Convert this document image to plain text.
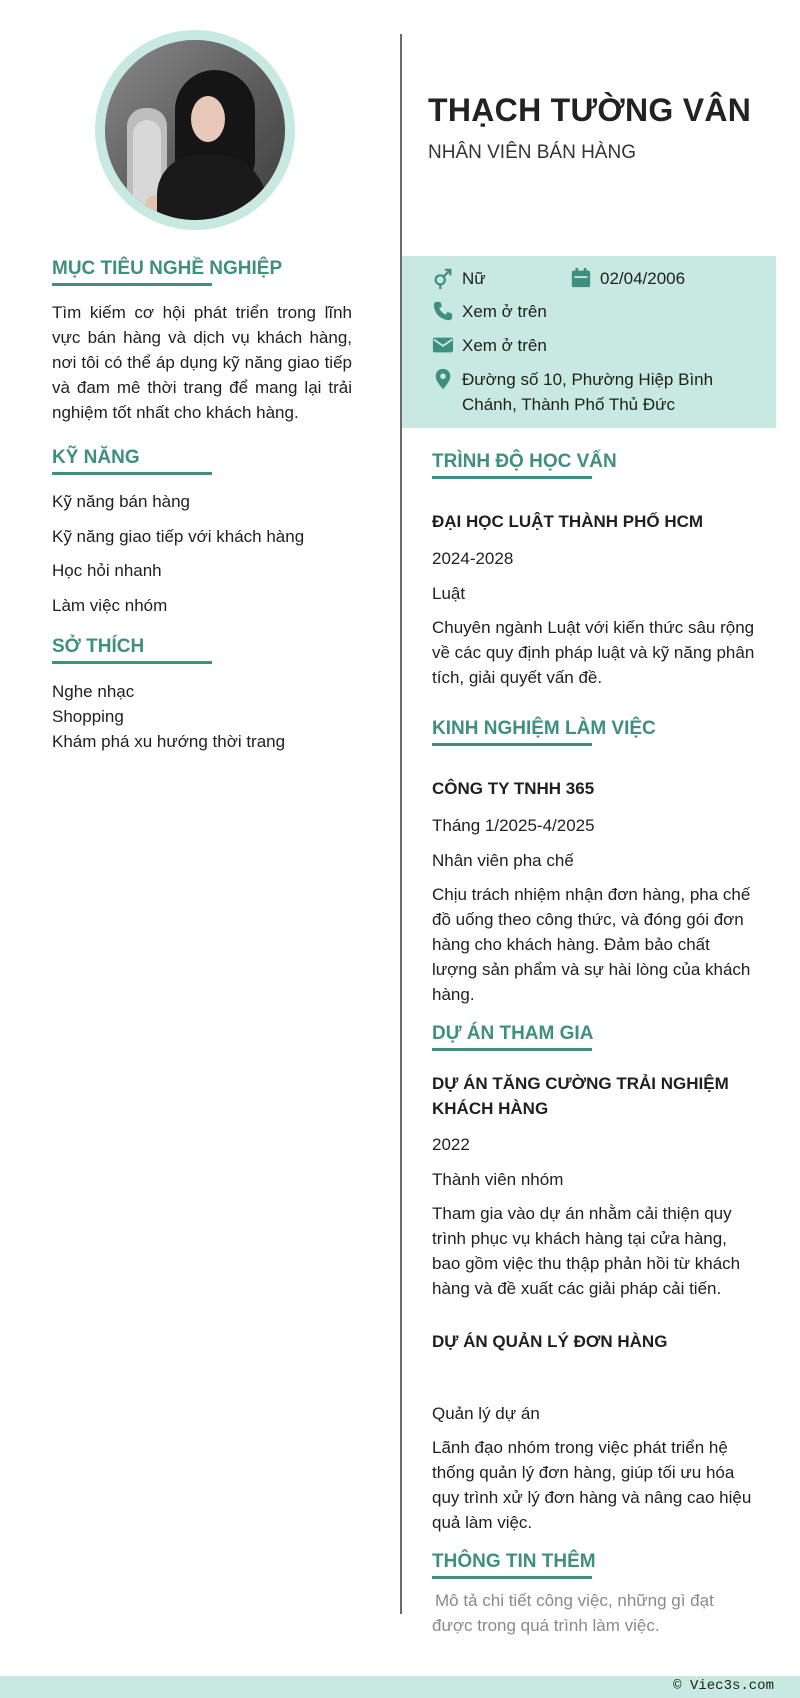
THẠCH TƯỜNG VÂN
NHÂN VIÊN BÁN HÀNG
Nữ	02/04/2006
Xem ở trên
Xem ở trên
Đường số 10, Phường Hiệp Bình
Chánh, Thành Phố Thủ Đức
MỤC TIÊU NGHỀ NGHIỆP
Tìm kiếm cơ hội phát triển trong lĩnh
vực bán hàng và dịch vụ khách hàng,
nơi tôi có thể áp dụng kỹ năng giao tiếp
và đam mê thời trang để mang lại trải
nghiệm tốt nhất cho khách hàng.
KỸ NĂNG
Kỹ năng bán hàng
Kỹ năng giao tiếp với khách hàng
Học hỏi nhanh
Làm việc nhóm
SỞ THÍCH
Nghe nhạc
Shopping
Khám phá xu hướng thời trang
TRÌNH ĐỘ HỌC VẤN
ĐẠI HỌC LUẬT THÀNH PHỐ HCM
2024-2028
Luật
Chuyên ngành Luật với kiến thức sâu rộng
về các quy định pháp luật và kỹ năng phân
tích, giải quyết vấn đề.
KINH NGHIỆM LÀM VIỆC
CÔNG TY TNHH 365
Tháng 1/2025-4/2025
Nhân viên pha chế
Chịu trách nhiệm nhận đơn hàng, pha chế
đồ uống theo công thức, và đóng gói đơn
hàng cho khách hàng. Đảm bảo chất
lượng sản phẩm và sự hài lòng của khách
hàng.
DỰ ÁN THAM GIA
DỰ ÁN TĂNG CƯỜNG TRẢI NGHIỆM
KHÁCH HÀNG
2022
Thành viên nhóm
Tham gia vào dự án nhằm cải thiện quy
trình phục vụ khách hàng tại cửa hàng,
bao gồm việc thu thập phản hồi từ khách
hàng và đề xuất các giải pháp cải tiến.
DỰ ÁN QUẢN LÝ ĐƠN HÀNG
Quản lý dự án
Lãnh đạo nhóm trong việc phát triển hệ
thống quản lý đơn hàng, giúp tối ưu hóa
quy trình xử lý đơn hàng và nâng cao hiệu
quả làm việc.
THÔNG TIN THÊM
Mô tả chi tiết công việc, những gì đạt
được trong quá trình làm việc.
© Viec3s.com
